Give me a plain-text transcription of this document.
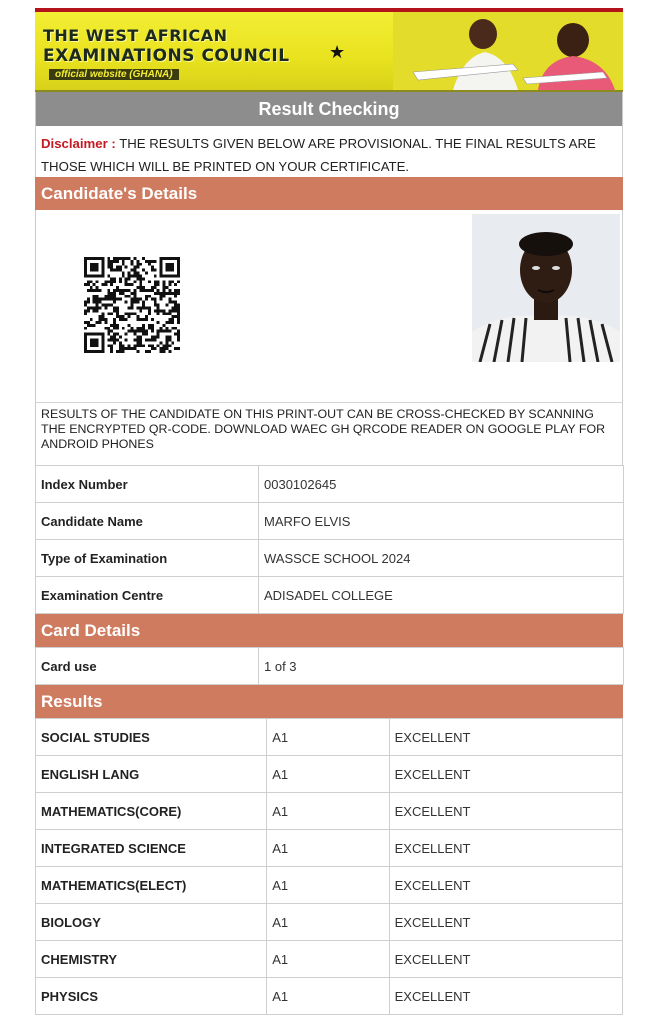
THE WEST AFRICAN
EXAMINATIONS COUNCIL
official website (GHANA)
★
Result Checking
Disclaimer : THE RESULTS GIVEN BELOW ARE PROVISIONAL. THE FINAL RESULTS ARE THOSE WHICH WILL BE PRINTED ON YOUR CERTIFICATE.
Candidate's Details
RESULTS OF THE CANDIDATE ON THIS PRINT-OUT CAN BE CROSS-CHECKED BY SCANNING THE ENCRYPTED QR-CODE. DOWNLOAD WAEC GH QRCODE READER ON GOOGLE PLAY FOR ANDROID PHONES
Index Number	0030102645
Candidate Name	MARFO ELVIS
Type of Examination	WASSCE SCHOOL 2024
Examination Centre	ADISADEL COLLEGE
Card Details
Card use	1 of 3
Results
SOCIAL STUDIES	A1	EXCELLENT
ENGLISH LANG	A1	EXCELLENT
MATHEMATICS(CORE)	A1	EXCELLENT
INTEGRATED SCIENCE	A1	EXCELLENT
MATHEMATICS(ELECT)	A1	EXCELLENT
BIOLOGY	A1	EXCELLENT
CHEMISTRY	A1	EXCELLENT
PHYSICS	A1	EXCELLENT
